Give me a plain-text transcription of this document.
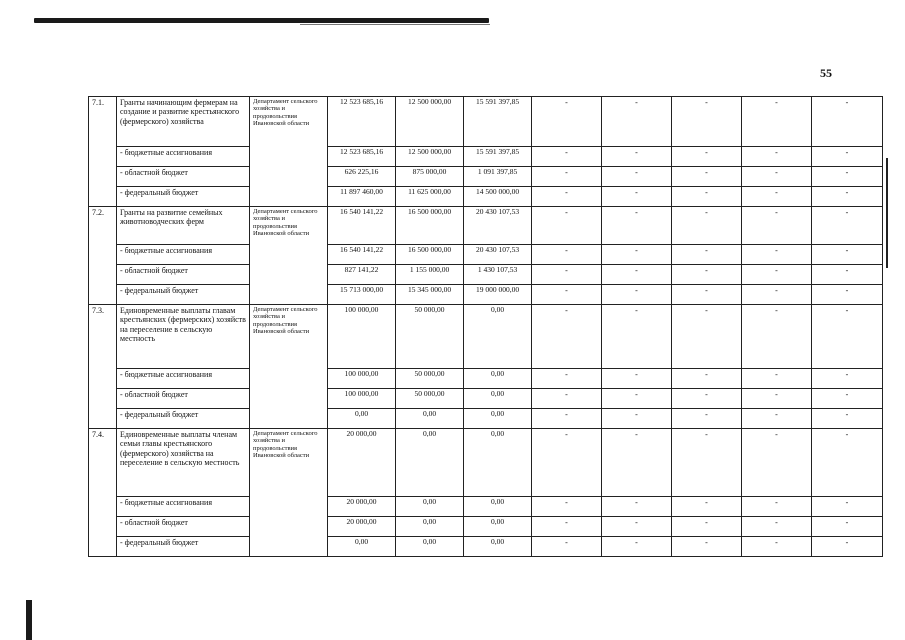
55
7.1.	Гранты начинающим фермерам на создание и развитие крестьянского (фермерского) хозяйства	Департамент сельского хозяйства и продовольствия Ивановской области	12 523 685,16	12 500 000,00	15 591 397,85	-	-	-	-	-
	- бюджетные ассигнования		12 523 685,16	12 500 000,00	15 591 397,85	-	-	-	-	-
	- областной бюджет		626 225,16	875 000,00	1 091 397,85	-	-	-	-	-
	- федеральный бюджет		11 897 460,00	11 625 000,00	14 500 000,00	-	-	-	-	-
7.2.	Гранты на развитие семейных животноводческих ферм	Департамент сельского хозяйства и продовольствия Ивановской области	16 540 141,22	16 500 000,00	20 430 107,53	-	-	-	-	-
	- бюджетные ассигнования		16 540 141,22	16 500 000,00	20 430 107,53	-	-	-	-	-
	- областной бюджет		827 141,22	1 155 000,00	1 430 107,53	-	-	-	-	-
	- федеральный бюджет		15 713 000,00	15 345 000,00	19 000 000,00	-	-	-	-	-
7.3.	Единовременные выплаты главам крестьянских (фермерских) хозяйств на переселение в сельскую местность	Департамент сельского хозяйства и продовольствия Ивановской области	100 000,00	50 000,00	0,00	-	-	-	-	-
	- бюджетные ассигнования		100 000,00	50 000,00	0,00	-	-	-	-	-
	- областной бюджет		100 000,00	50 000,00	0,00	-	-	-	-	-
	- федеральный бюджет		0,00	0,00	0,00	-	-	-	-	-
7.4.	Единовременные выплаты членам семьи главы крестьянского (фермерского) хозяйства на переселение в сельскую местность	Департамент сельского хозяйства и продовольствия Ивановской области	20 000,00	0,00	0,00	-	-	-	-	-
	- бюджетные ассигнования		20 000,00	0,00	0,00	-	-	-	-	-
	- областной бюджет		20 000,00	0,00	0,00	-	-	-	-	-
	- федеральный бюджет		0,00	0,00	0,00	-	-	-	-	-
